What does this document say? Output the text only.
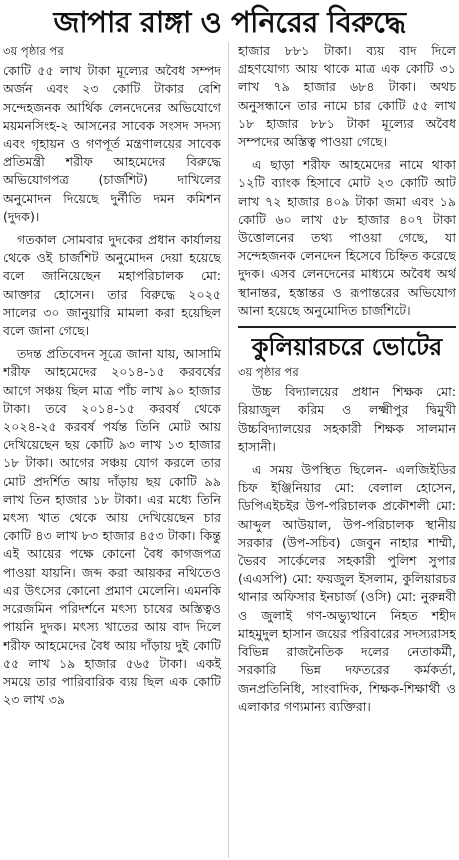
জাপার রাঙ্গা ও পনিরের বিরুদ্ধে
৩য় পৃষ্ঠার পর

কোটি ৫৫ লাখ টাকা মূল্যের অবৈধ সম্পদ অর্জন এবং ২৩ কোটি টাকার বেশি সন্দেহজনক আর্থিক লেনদেনের অভিযোগে ময়মনসিংহ-২ আসনের সাবেক সংসদ সদস্য এবং গৃহায়ন ও গণপূর্ত মন্ত্রণালয়ের সাবেক প্রতিমন্ত্রী শরীফ আহমেদের বিরুদ্ধে অভিযোগপত্র (চার্জশিট) দাখিলের অনুমোদন দিয়েছে দুর্নীতি দমন কমিশন (দুদক)।

গতকাল সোমবার দুদকের প্রধান কার্যালয় থেকে ওই চার্জশিট অনুমোদন দেয়া হয়েছে বলে জানিয়েছেন মহাপরিচালক মো: আক্তার হোসেন। তার বিরুদ্ধে ২০২৫ সালের ৩০ জানুয়ারি মামলা করা হয়েছিল বলে জানা গেছে।

তদন্ত প্রতিবেদন সূত্রে জানা যায়, আসামি শরীফ আহমেদের ২০১৪-১৫ করবর্ষের আগে সঞ্চয় ছিল মাত্র পাঁচ লাখ ৯০ হাজার টাকা। তবে ২০১৪-১৫ করবর্ষ থেকে ২০২৪-২৫ করবর্ষ পর্যন্ত তিনি মোট আয় দেখিয়েছেন ছয় কোটি ৯৩ লাখ ১৩ হাজার ১৮ টাকা। আগের সঞ্চয় যোগ করলে তার মোট প্রদর্শিত আয় দাঁড়ায় ছয় কোটি ৯৯ লাখ তিন হাজার ১৮ টাকা। এর মধ্যে তিনি মৎস্য খাত থেকে আয় দেখিয়েছেন চার কোটি ৪৩ লাখ ৮৩ হাজার ৪৫৩ টাকা। কিন্তু এই আয়ের পক্ষে কোনো বৈধ কাগজপত্র পাওয়া যায়নি। জব্দ করা আয়কর নথিতেও এর উৎসের কোনো প্রমাণ মেলেনি। এমনকি সরেজমিন পরিদর্শনে মৎস্য চাষের অস্তিত্বও পায়নি দুদক। মৎস্য খাতের আয় বাদ দিলে শরীফ আহমেদের বৈধ আয় দাঁড়ায় দুই কোটি ৫৫ লাখ ১৯ হাজার ৫৬৫ টাকা। একই সময়ে তার পারিবারিক ব্যয় ছিল এক কোটি ২৩ লাখ ৩৯

হাজার ৮৮১ টাকা। ব্যয় বাদ দিলে গ্রহণযোগ্য আয় থাকে মাত্র এক কোটি ৩১ লাখ ৭৯ হাজার ৬৮৪ টাকা। অথচ অনুসন্ধানে তার নামে চার কোটি ৫৫ লাখ ১৮ হাজার ৮৮১ টাকা মূল্যের অবৈধ সম্পদের অস্তিত্ব পাওয়া গেছে।

এ ছাড়া শরীফ আহমেদের নামে থাকা ১২টি ব্যাংক হিসাবে মোট ২৩ কোটি আট লাখ ৭২ হাজার ৪০৯ টাকা জমা এবং ১৯ কোটি ৬০ লাখ ৫৮ হাজার ৪০৭ টাকা উত্তোলনের তথ্য পাওয়া গেছে, যা সন্দেহজনক লেনদেন হিসেবে চিহ্নিত করেছে দুদক। এসব লেনদেনের মাধ্যমে অবৈধ অর্থ স্থানান্তর, হস্তান্তর ও রূপান্তরের অভিযোগ আনা হয়েছে অনুমোদিত চার্জশিটে।

কুলিয়ারচরে ভোটের
৩য় পৃষ্ঠার পর

উচ্চ বিদ্যালয়ের প্রধান শিক্ষক মো: রিয়াজুল করিম ও লক্ষ্মীপুর দ্বিমুখী উচ্চবিদ্যালয়ের সহকারী শিক্ষক সালমান হাসানী।

এ সময় উপস্থিত ছিলেন- এলজিইডির চিফ ইঞ্জিনিয়ার মো: বেলাল হোসেন, ডিপিএইচইর উপ-পরিচালক প্রকৌশলী মো: আব্দুল আউয়াল, উপ-পরিচালক স্থানীয় সরকার (উপ-সচিব) জেবুন নাহার শাম্মী, ভৈরব সার্কেলের সহকারী পুলিশ সুপার (এএসপি) মো: ফয়জুল ইসলাম, কুলিয়ারচর থানার অফিসার ইনচার্জ (ওসি) মো: নুরুন্নবী ও জুলাই গণ-অভ্যুত্থানে নিহত শহীদ মাহমুদুল হাসান জয়ের পরিবারের সদস্যরাসহ বিভিন্ন রাজনৈতিক দলের নেতাকর্মী, সরকারি ভিন্ন দফতরের কর্মকর্তা, জনপ্রতিনিধি, সাংবাদিক, শিক্ষক-শিক্ষার্থী ও এলাকার গণ্যমান্য ব্যক্তিরা।
